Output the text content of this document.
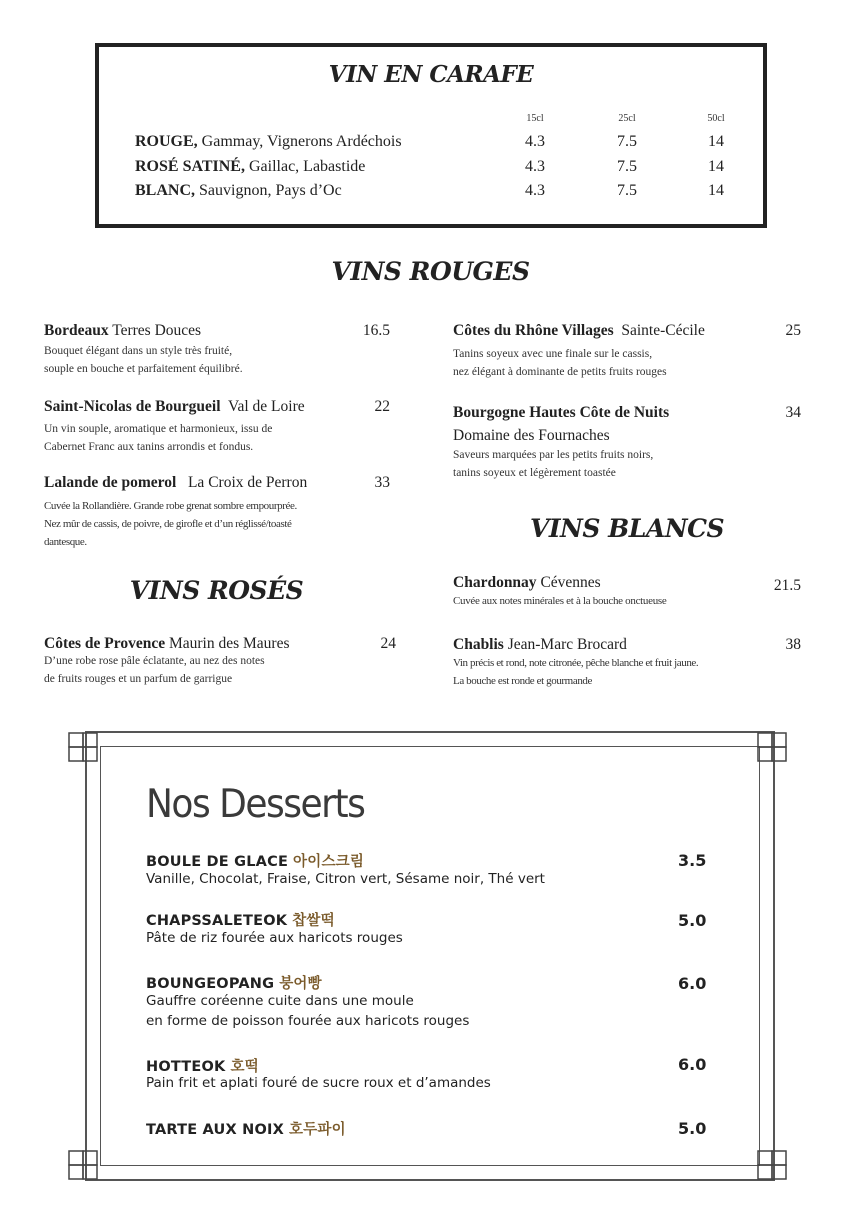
VIN EN CARAFE
15cl	25cl	50cl
ROUGE, Gammay, Vignerons Ardéchois	4.3	7.5	14
ROSÉ SATINÉ, Gaillac, Labastide	4.3	7.5	14
BLANC, Sauvignon, Pays d’Oc	4.3	7.5	14
VINS ROUGES
Bordeaux Terres Douces	16.5
Bouquet élégant dans un style très fruité,
souple en bouche et parfaitement équilibré.
Saint-Nicolas de Bourgueil  Val de Loire	22
Un vin souple, aromatique et harmonieux, issu de
Cabernet Franc aux tanins arrondis et fondus.
Lalande de pomerol   La Croix de Perron	33
Cuvée la Rollandière. Grande robe grenat sombre empourprée.
Nez mûr de cassis, de poivre, de girofle et d’un réglissé/toasté
dantesque.
Côtes du Rhône Villages  Sainte-Cécile	25
Tanins soyeux avec une finale sur le cassis,
nez élégant à dominante de petits fruits rouges
Bourgogne Hautes Côte de Nuits	34
Domaine des Fournaches
Saveurs marquées par les petits fruits noirs,
tanins soyeux et légèrement toastée
VINS ROSÉS
Côtes de Provence Maurin des Maures	24
D’une robe rose pâle éclatante, au nez des notes
de fruits rouges et un parfum de garrigue
VINS BLANCS
Chardonnay Cévennes	21.5
Cuvée aux notes minérales et à la bouche onctueuse
Chablis Jean-Marc Brocard	38
Vin précis et rond, note citronée, pêche blanche et fruit jaune.
La bouche est ronde et gourmande
Nos Desserts
BOULE DE GLACE 아이스크림	3.5
Vanille, Chocolat, Fraise, Citron vert, Sésame noir, Thé vert
CHAPSSALETEOK 찹쌀떡	5.0
Pâte de riz fourée aux haricots rouges
BOUNGEOPANG 붕어빵	6.0
Gauffre coréenne cuite dans une moule
en forme de poisson fourée aux haricots rouges
HOTTEOK 호떡	6.0
Pain frit et aplati fouré de sucre roux et d’amandes
TARTE AUX NOIX 호두파이	5.0
